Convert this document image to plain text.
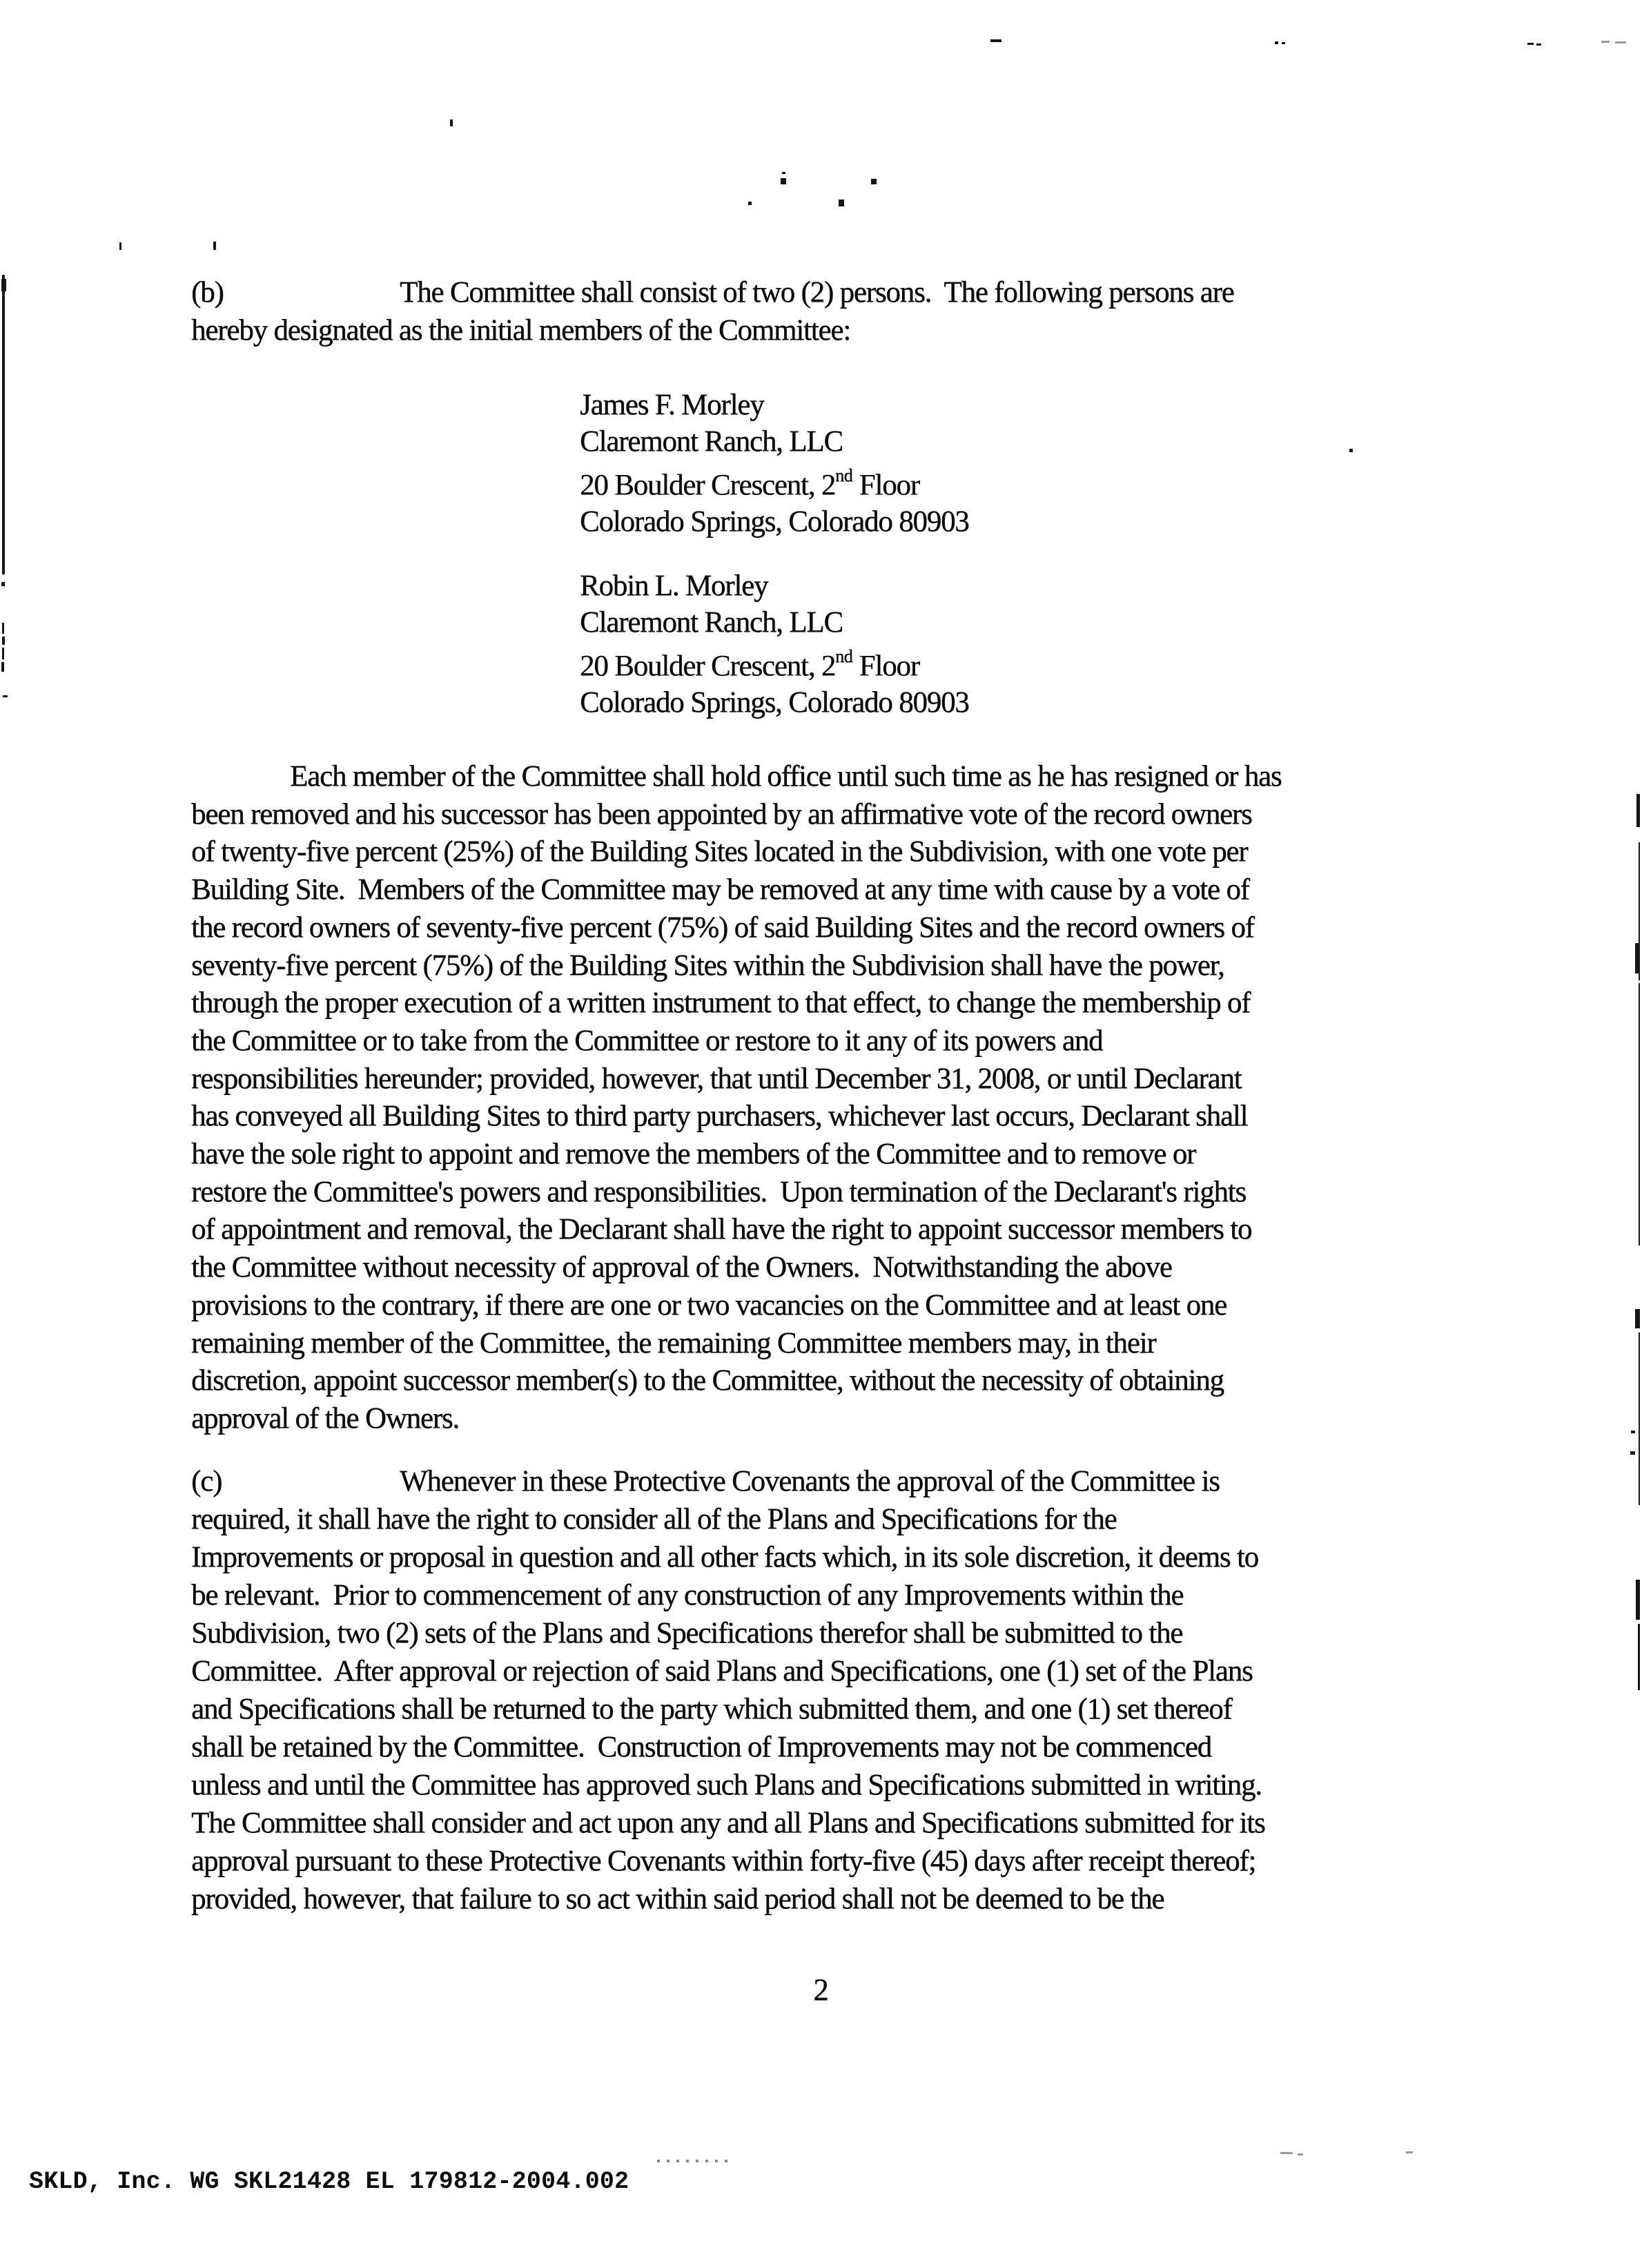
(b)	The Committee shall consist of two (2) persons.  The following persons are
hereby designated as the initial members of the Committee:
James F. Morley
Claremont Ranch, LLC
20 Boulder Crescent, 2nd Floor
Colorado Springs, Colorado 80903
Robin L. Morley
Claremont Ranch, LLC
20 Boulder Crescent, 2nd Floor
Colorado Springs, Colorado 80903
Each member of the Committee shall hold office until such time as he has resigned or has
been removed and his successor has been appointed by an affirmative vote of the record owners
of twenty-five percent (25%) of the Building Sites located in the Subdivision, with one vote per
Building Site.  Members of the Committee may be removed at any time with cause by a vote of
the record owners of seventy-five percent (75%) of said Building Sites and the record owners of
seventy-five percent (75%) of the Building Sites within the Subdivision shall have the power,
through the proper execution of a written instrument to that effect, to change the membership of
the Committee or to take from the Committee or restore to it any of its powers and
responsibilities hereunder; provided, however, that until December 31, 2008, or until Declarant
has conveyed all Building Sites to third party purchasers, whichever last occurs, Declarant shall
have the sole right to appoint and remove the members of the Committee and to remove or
restore the Committee's powers and responsibilities.  Upon termination of the Declarant's rights
of appointment and removal, the Declarant shall have the right to appoint successor members to
the Committee without necessity of approval of the Owners.  Notwithstanding the above
provisions to the contrary, if there are one or two vacancies on the Committee and at least one
remaining member of the Committee, the remaining Committee members may, in their
discretion, appoint successor member(s) to the Committee, without the necessity of obtaining
approval of the Owners.
(c)	Whenever in these Protective Covenants the approval of the Committee is
required, it shall have the right to consider all of the Plans and Specifications for the
Improvements or proposal in question and all other facts which, in its sole discretion, it deems to
be relevant.  Prior to commencement of any construction of any Improvements within the
Subdivision, two (2) sets of the Plans and Specifications therefor shall be submitted to the
Committee.  After approval or rejection of said Plans and Specifications, one (1) set of the Plans
and Specifications shall be returned to the party which submitted them, and one (1) set thereof
shall be retained by the Committee.  Construction of Improvements may not be commenced
unless and until the Committee has approved such Plans and Specifications submitted in writing.
The Committee shall consider and act upon any and all Plans and Specifications submitted for its
approval pursuant to these Protective Covenants within forty-five (45) days after receipt thereof;
provided, however, that failure to so act within said period shall not be deemed to be the
2
SKLD, Inc. WG SKL21428 EL 179812-2004.002
